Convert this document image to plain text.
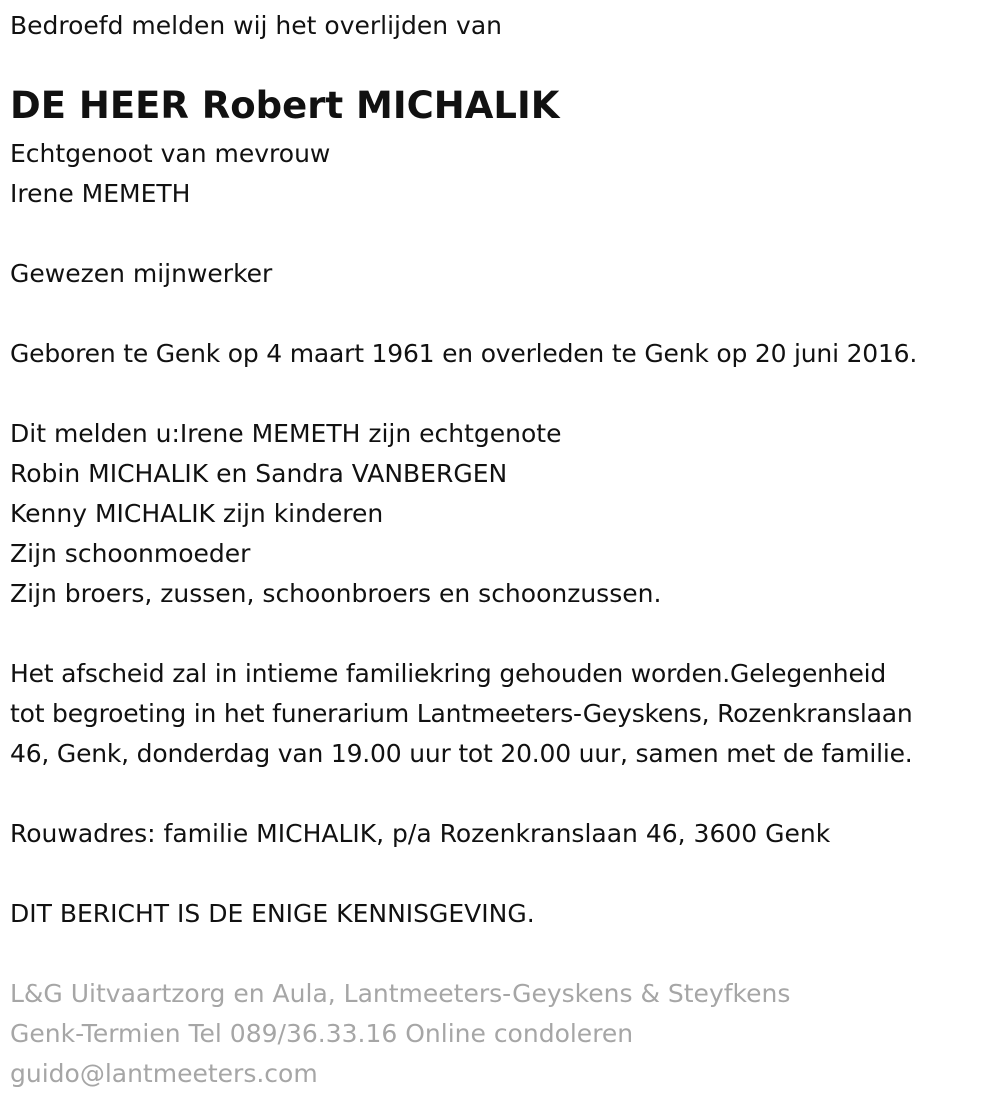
Bedroefd melden wij het overlijden van
DE HEER Robert MICHALIK
Echtgenoot van mevrouw
Irene MEMETH
Gewezen mijnwerker
Geboren te Genk op 4 maart 1961 en overleden te Genk op 20 juni 2016.
Dit melden u:Irene MEMETH zijn echtgenote
Robin MICHALIK en Sandra VANBERGEN
Kenny MICHALIK zijn kinderen
Zijn schoonmoeder
Zijn broers, zussen, schoonbroers en schoonzussen.
Het afscheid zal in intieme familiekring gehouden worden.Gelegenheid
tot begroeting in het funerarium Lantmeeters-Geyskens, Rozenkranslaan
46, Genk, donderdag van 19.00 uur tot 20.00 uur, samen met de familie.
Rouwadres: familie MICHALIK, p/a Rozenkranslaan 46, 3600 Genk
DIT BERICHT IS DE ENIGE KENNISGEVING.
L&G Uitvaartzorg en Aula, Lantmeeters-Geyskens & Steyfkens
Genk-Termien Tel 089/36.33.16 Online condoleren
guido@lantmeeters.com
